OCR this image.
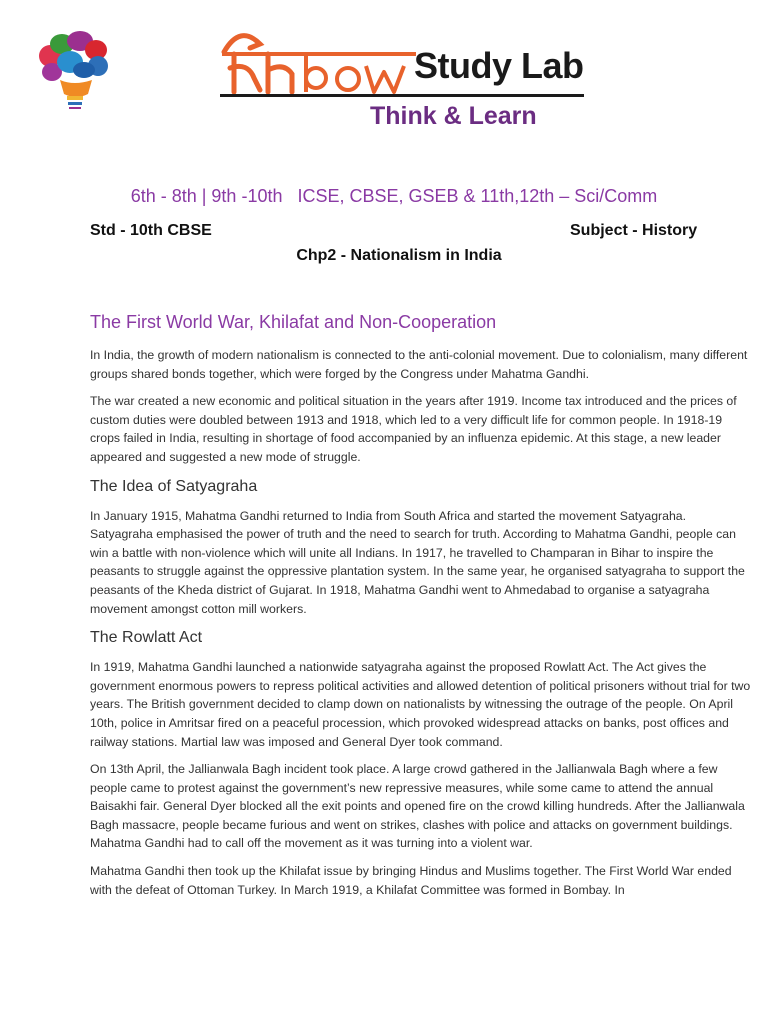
Study Lab
Think & Learn
6th - 8th | 9th -10th   ICSE, CBSE, GSEB & 11th,12th – Sci/Comm
Std - 10th CBSE	Subject - History
Chp2 - Nationalism in India
The First World War, Khilafat and Non-Cooperation

In India, the growth of modern nationalism is connected to the anti-colonial movement. Due to colonialism, many different groups shared bonds together, which were forged by the Congress under Mahatma Gandhi.

The war created a new economic and political situation in the years after 1919. Income tax introduced and the prices of custom duties were doubled between 1913 and 1918, which led to a very difficult life for common people. In 1918-19 crops failed in India, resulting in shortage of food accompanied by an influenza epidemic. At this stage, a new leader appeared and suggested a new mode of struggle.

The Idea of Satyagraha

In January 1915, Mahatma Gandhi returned to India from South Africa and started the movement Satyagraha. Satyagraha emphasised the power of truth and the need to search for truth. According to Mahatma Gandhi, people can win a battle with non-violence which will unite all Indians. In 1917, he travelled to Champaran in Bihar to inspire the peasants to struggle against the oppressive plantation system. In the same year, he organised satyagraha to support the peasants of the Kheda district of Gujarat. In 1918, Mahatma Gandhi went to Ahmedabad to organise a satyagraha movement amongst cotton mill workers.

The Rowlatt Act

In 1919, Mahatma Gandhi launched a nationwide satyagraha against the proposed Rowlatt Act. The Act gives the government enormous powers to repress political activities and allowed detention of political prisoners without trial for two years. The British government decided to clamp down on nationalists by witnessing the outrage of the people. On April 10th, police in Amritsar fired on a peaceful procession, which provoked widespread attacks on banks, post offices and railway stations. Martial law was imposed and General Dyer took command.

On 13th April, the Jallianwala Bagh incident took place. A large crowd gathered in the Jallianwala Bagh where a few people came to protest against the government’s new repressive measures, while some came to attend the annual Baisakhi fair. General Dyer blocked all the exit points and opened fire on the crowd killing hundreds. After the Jallianwala Bagh massacre, people became furious and went on strikes, clashes with police and attacks on government buildings. Mahatma Gandhi had to call off the movement as it was turning into a violent war.

Mahatma Gandhi then took up the Khilafat issue by bringing Hindus and Muslims together. The First World War ended with the defeat of Ottoman Turkey. In March 1919, a Khilafat Committee was formed in Bombay. In
